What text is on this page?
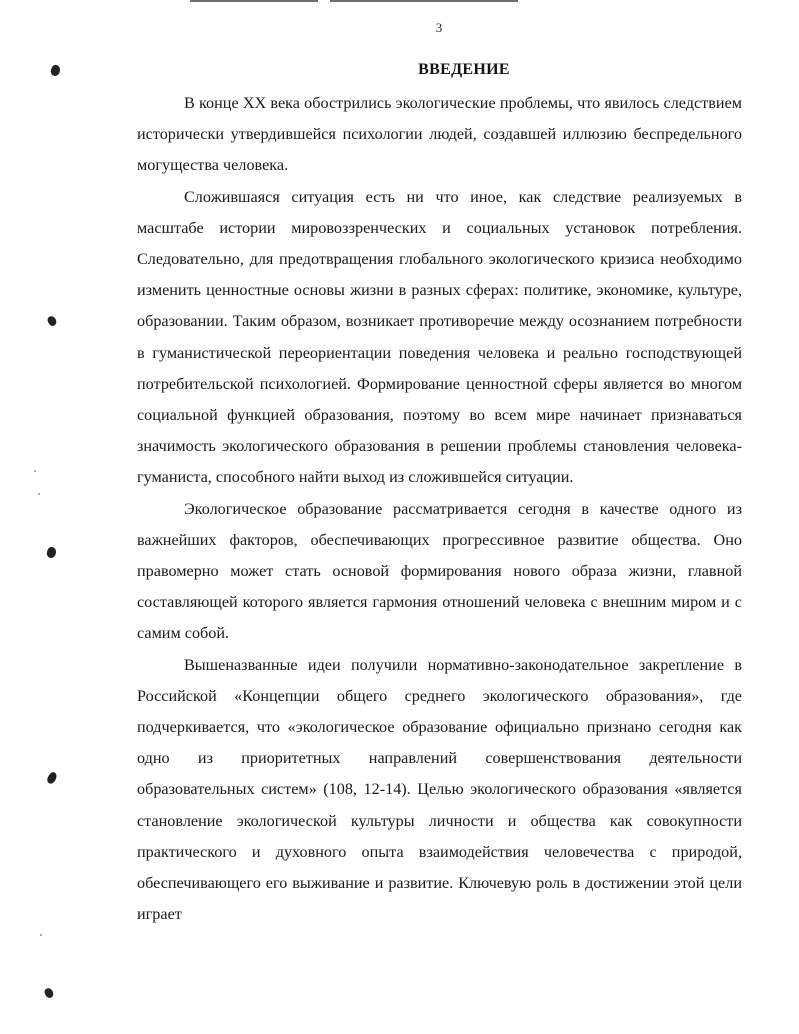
3
ВВЕДЕНИЕ

В конце XX века обострились экологические проблемы, что явилось следствием исторически утвердившейся психологии людей, создавшей иллюзию беспредельного могущества человека.

Сложившаяся ситуация есть ни что иное, как следствие реализуемых в масштабе истории мировоззренческих и социальных установок потребления. Следовательно, для предотвращения глобального экологического кризиса необходимо изменить ценностные основы жизни в разных сферах: политике, экономике, культуре, образовании. Таким образом, возникает противоречие между осознанием потребности в гуманистической переориентации поведения человека и реально господствующей потребительской психологией. Формирование ценностной сферы является во многом социальной функцией образования, поэтому во всем мире начинает признаваться значимость экологического образования в решении проблемы становления человека-гуманиста, способного найти выход из сложившейся ситуации.

Экологическое образование рассматривается сегодня в качестве одного из важнейших факторов, обеспечивающих прогрессивное развитие общества. Оно правомерно может стать основой формирования нового образа жизни, главной составляющей которого является гармония отношений человека с внешним миром и с самим собой.

Вышеназванные идеи получили нормативно-законодательное закрепление в Российской «Концепции общего среднего экологического образования», где подчеркивается, что «экологическое образование официально признано сегодня как одно из приоритетных направлений совершенствования деятельности образовательных систем» (108, 12-14). Целью экологического образования «является становление экологической культуры личности и общества как совокупности практического и духовного опыта взаимодействия человечества с природой, обеспечивающего его выживание и развитие. Ключевую роль в достижении этой цели играет
